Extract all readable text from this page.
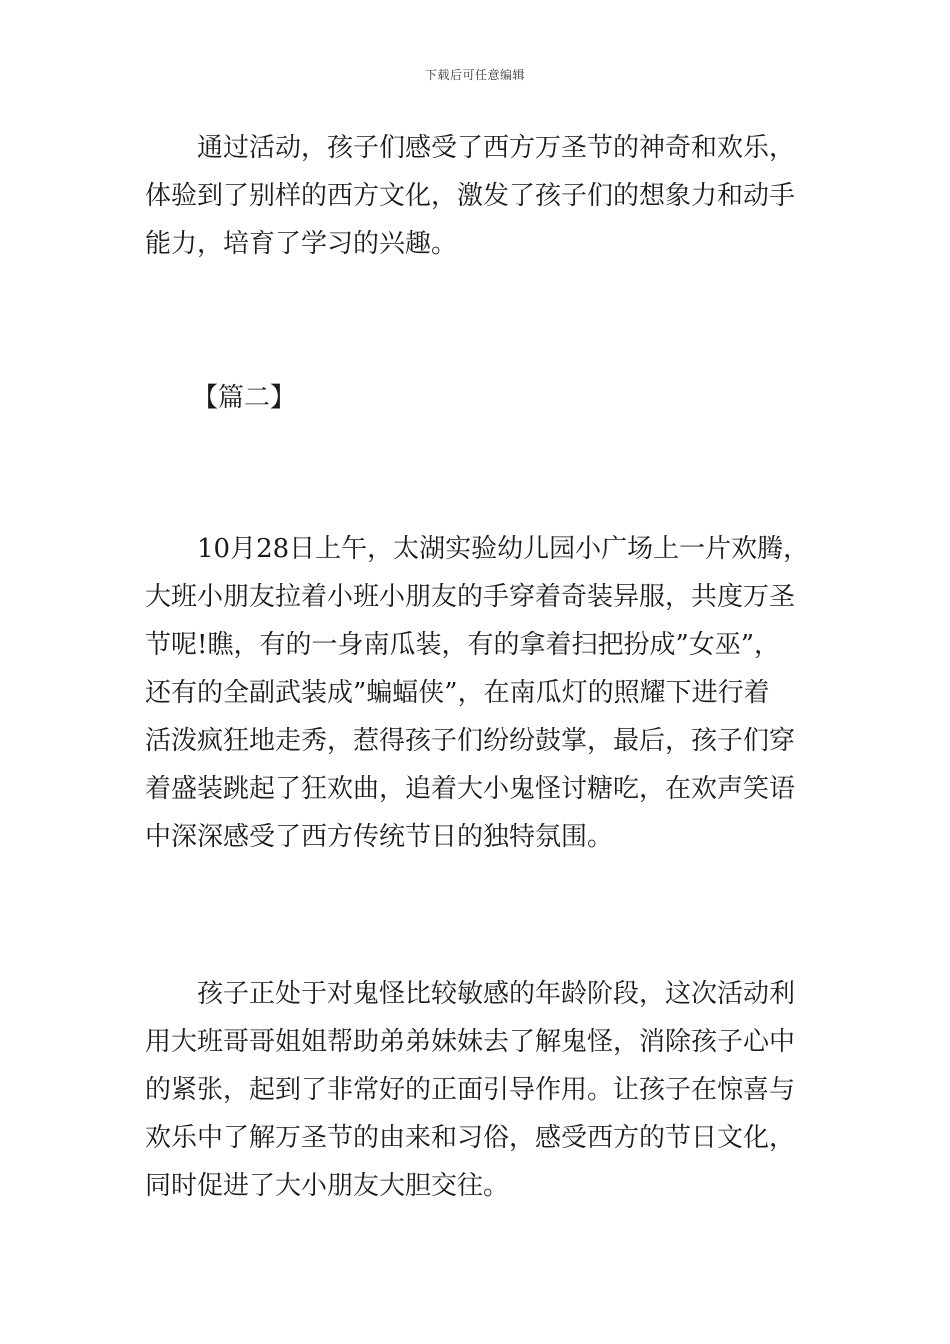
下载后可任意编辑
通过活动，孩子们感受了西方万圣节的神奇和欢乐，
体验到了别样的西方文化，激发了孩子们的想象力和动手
能力，培育了学习的兴趣。
【篇二】
10月28日上午，太湖实验幼儿园小广场上一片欢腾，
大班小朋友拉着小班小朋友的手穿着奇装异服，共度万圣
节呢!瞧，有的一身南瓜装，有的拿着扫把扮成”女巫”，
还有的全副武装成”蝙蝠侠”，在南瓜灯的照耀下进行着
活泼疯狂地走秀，惹得孩子们纷纷鼓掌，最后，孩子们穿
着盛装跳起了狂欢曲，追着大小鬼怪讨糖吃，在欢声笑语
中深深感受了西方传统节日的独特氛围。
孩子正处于对鬼怪比较敏感的年龄阶段，这次活动利
用大班哥哥姐姐帮助弟弟妹妹去了解鬼怪，消除孩子心中
的紧张，起到了非常好的正面引导作用。让孩子在惊喜与
欢乐中了解万圣节的由来和习俗，感受西方的节日文化，
同时促进了大小朋友大胆交往。
